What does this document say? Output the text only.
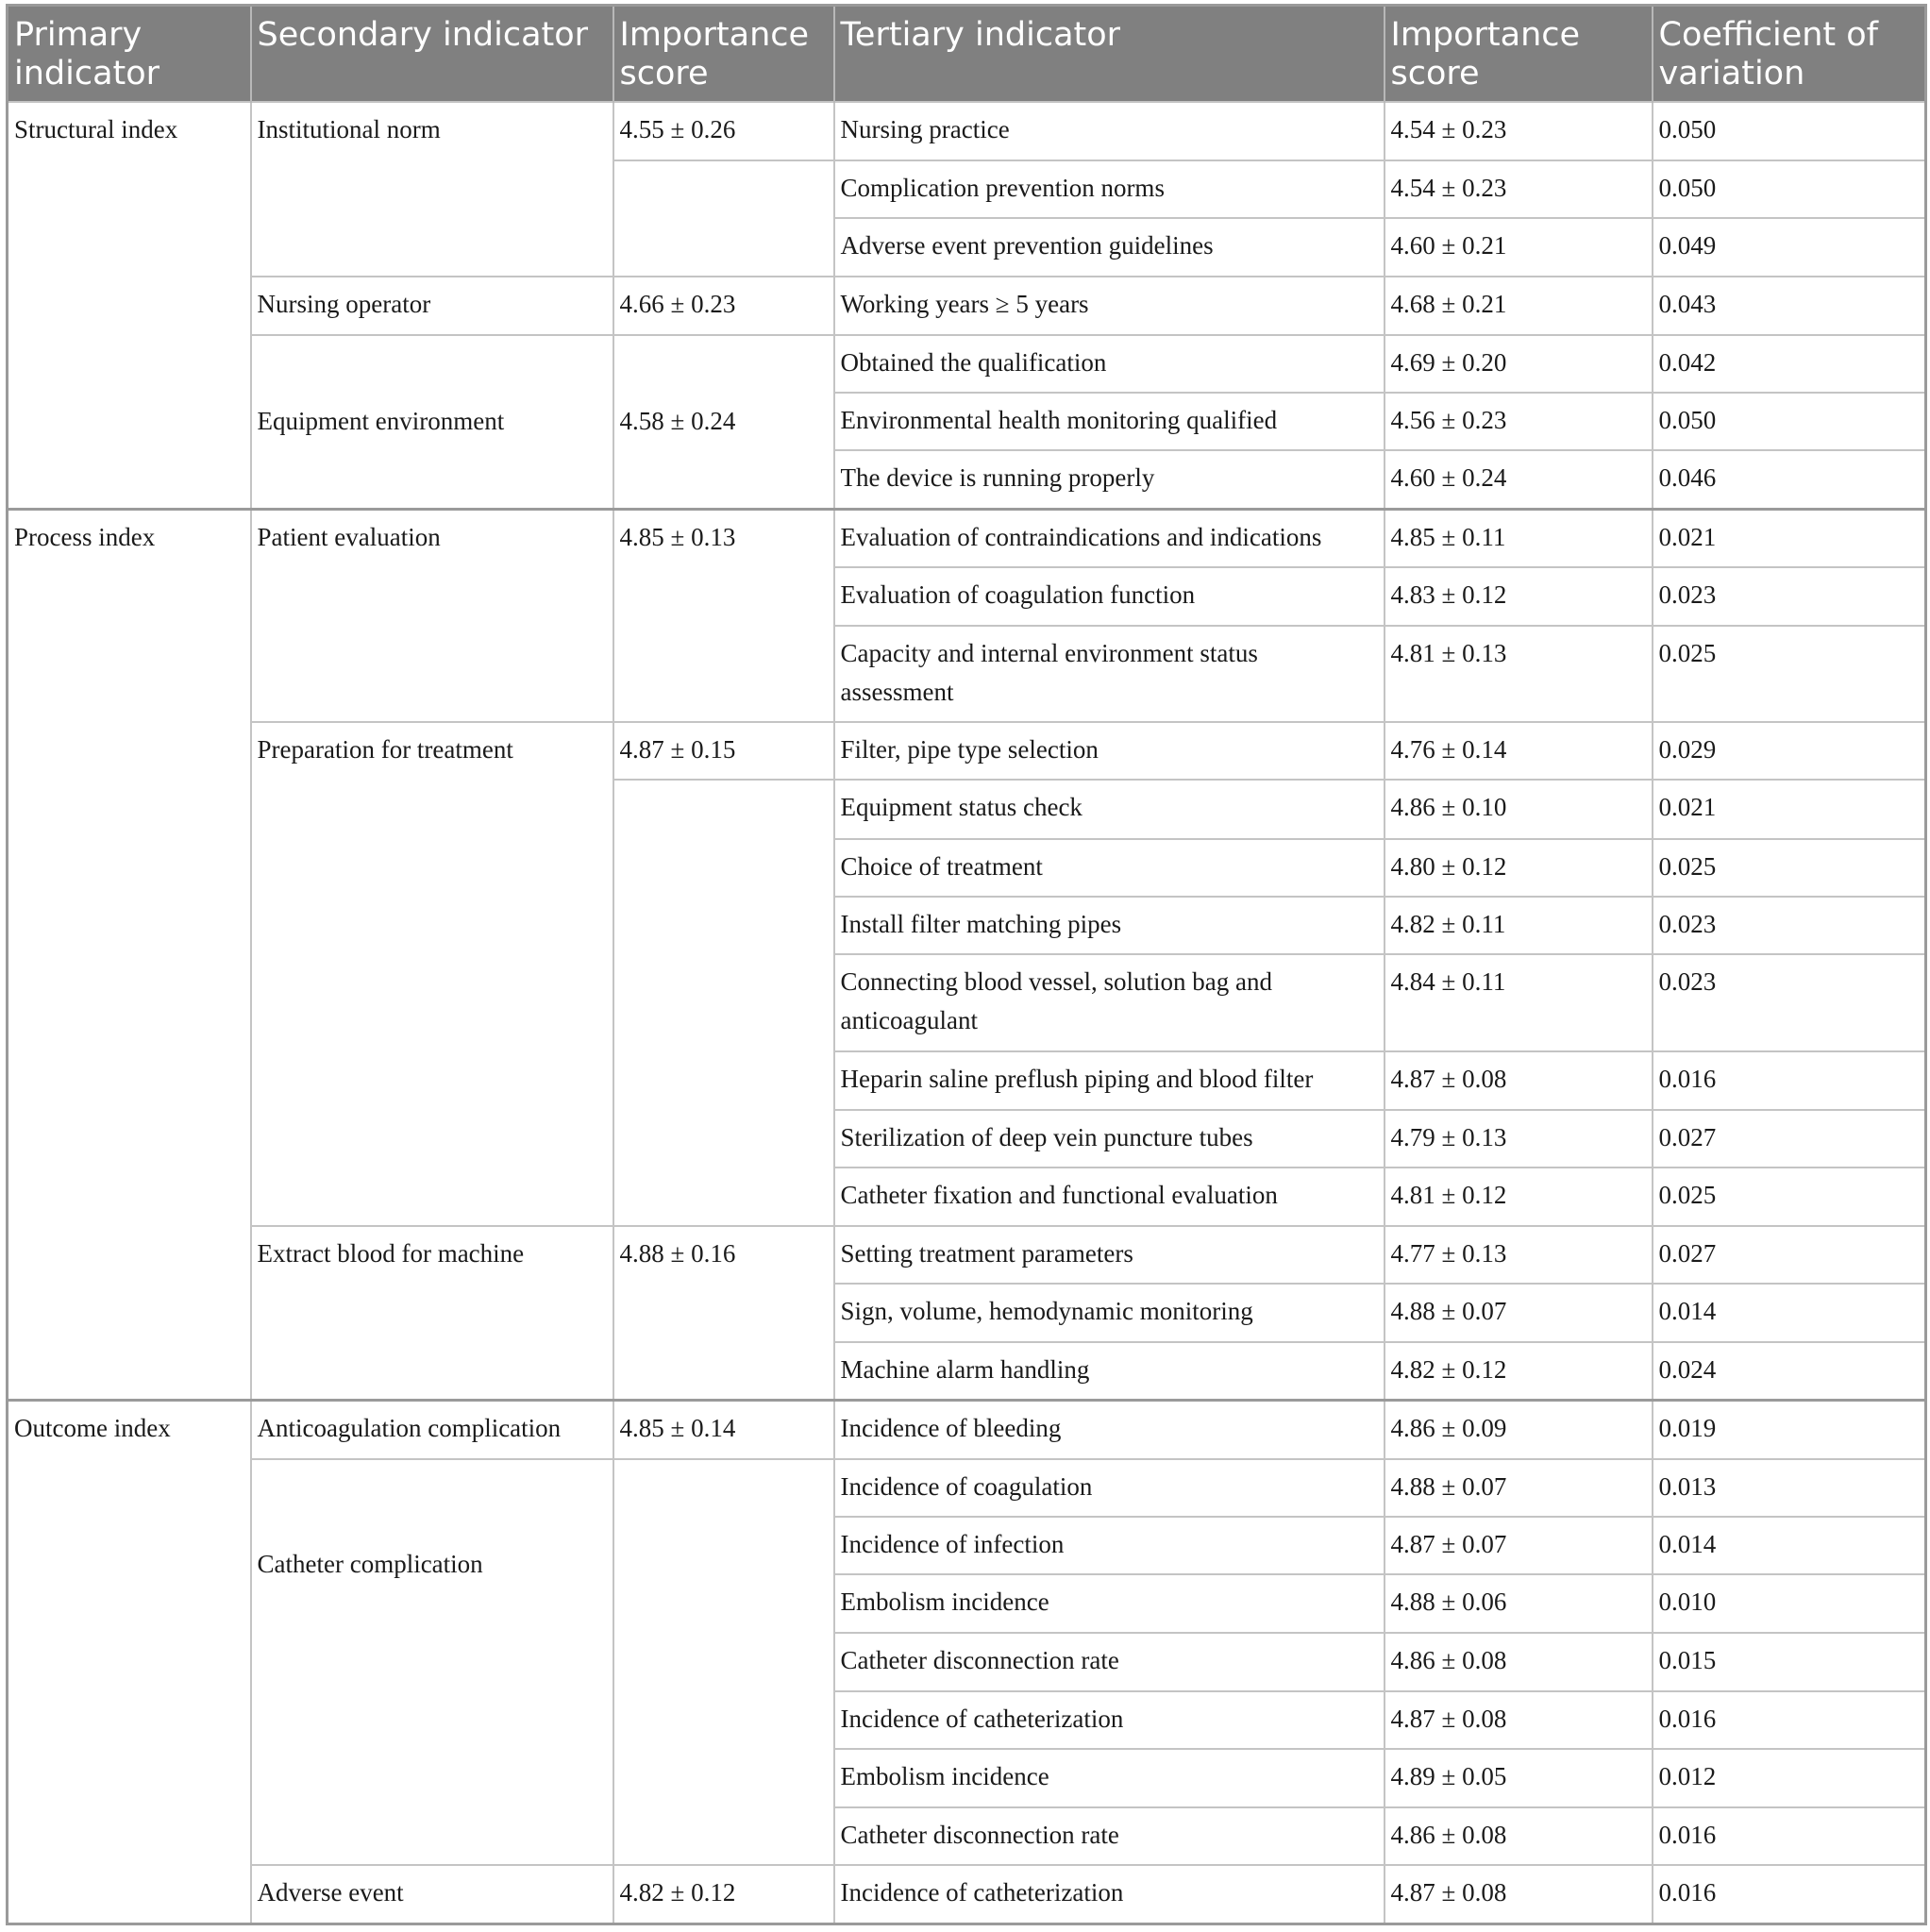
Primary indicator	Secondary indicator	Importance score	Tertiary indicator	Importance score	Coefficient of variation
Structural index	Institutional norm	4.55 ± 0.26	Nursing practice	4.54 ± 0.23	0.050
			Complication prevention norms	4.54 ± 0.23	0.050
			Adverse event prevention guidelines	4.60 ± 0.21	0.049
	Nursing operator	4.66 ± 0.23	Working years ≥ 5 years	4.68 ± 0.21	0.043
	Equipment environment	4.58 ± 0.24	Obtained the qualification	4.69 ± 0.20	0.042
			Environmental health monitoring qualified	4.56 ± 0.23	0.050
			The device is running properly	4.60 ± 0.24	0.046
Process index	Patient evaluation	4.85 ± 0.13	Evaluation of contraindications and indications	4.85 ± 0.11	0.021
			Evaluation of coagulation function	4.83 ± 0.12	0.023
			Capacity and internal environment status assessment	4.81 ± 0.13	0.025
	Preparation for treatment	4.87 ± 0.15	Filter, pipe type selection	4.76 ± 0.14	0.029
			Equipment status check	4.86 ± 0.10	0.021
			Choice of treatment	4.80 ± 0.12	0.025
			Install filter matching pipes	4.82 ± 0.11	0.023
			Connecting blood vessel, solution bag and anticoagulant	4.84 ± 0.11	0.023
			Heparin saline preflush piping and blood filter	4.87 ± 0.08	0.016
			Sterilization of deep vein puncture tubes	4.79 ± 0.13	0.027
			Catheter fixation and functional evaluation	4.81 ± 0.12	0.025
	Extract blood for machine	4.88 ± 0.16	Setting treatment parameters	4.77 ± 0.13	0.027
			Sign, volume, hemodynamic monitoring	4.88 ± 0.07	0.014
			Machine alarm handling	4.82 ± 0.12	0.024
Outcome index	Anticoagulation complication	4.85 ± 0.14	Incidence of bleeding	4.86 ± 0.09	0.019
	Catheter complication		Incidence of coagulation	4.88 ± 0.07	0.013
			Incidence of infection	4.87 ± 0.07	0.014
			Embolism incidence	4.88 ± 0.06	0.010
			Catheter disconnection rate	4.86 ± 0.08	0.015
			Incidence of catheterization	4.87 ± 0.08	0.016
			Embolism incidence	4.89 ± 0.05	0.012
			Catheter disconnection rate	4.86 ± 0.08	0.016
	Adverse event	4.82 ± 0.12	Incidence of catheterization	4.87 ± 0.08	0.016
